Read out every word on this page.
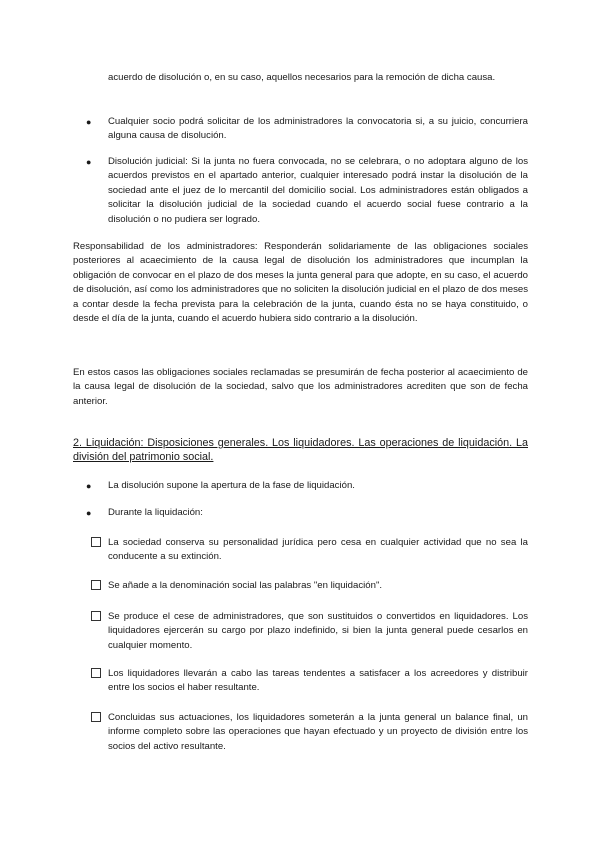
acuerdo de disolución o, en su caso, aquellos necesarios para la remoción de dicha causa.
●	Cualquier socio podrá solicitar de los administradores la convocatoria si, a su juicio, concurriera alguna causa de disolución.
●	Disolución judicial: Si la junta no fuera convocada, no se celebrara, o no adoptara alguno de los acuerdos previstos en el apartado anterior, cualquier interesado podrá instar la disolución de la sociedad ante el juez de lo mercantil del domicilio social. Los administradores están obligados a solicitar la disolución judicial de la sociedad cuando el acuerdo social fuese contrario a la disolución o no pudiera ser logrado.
Responsabilidad de los administradores: Responderán solidariamente de las obligaciones sociales posteriores al acaecimiento de la causa legal de disolución los administradores que incumplan la obligación de convocar en el plazo de dos meses la junta general para que adopte, en su caso, el acuerdo de disolución, así como los administradores que no soliciten la disolución judicial en el plazo de dos meses a contar desde la fecha prevista para la celebración de la junta, cuando ésta no se haya constituido, o desde el día de la junta, cuando el acuerdo hubiera sido contrario a la disolución.
En estos casos las obligaciones sociales reclamadas se presumirán de fecha posterior al acaecimiento de la causa legal de disolución de la sociedad, salvo que los administradores acrediten que son de fecha anterior.
2. Liquidación: Disposiciones generales. Los liquidadores. Las operaciones de liquidación. La división del patrimonio social.
●	La disolución supone la apertura de la fase de liquidación.
●	Durante la liquidación:
La sociedad conserva su personalidad jurídica pero cesa en cualquier actividad que no sea la conducente a su extinción.
Se añade a la denominación social las palabras "en liquidación".
Se produce el cese de administradores, que son sustituidos o convertidos en liquidadores. Los liquidadores ejercerán su cargo por plazo indefinido, si bien la junta general puede cesarlos en cualquier momento.
Los liquidadores llevarán a cabo las tareas tendentes a satisfacer a los acreedores y distribuir entre los socios el haber resultante.
Concluidas sus actuaciones, los liquidadores someterán a la junta general un balance final, un informe completo sobre las operaciones que hayan efectuado y un proyecto de división entre los socios del activo resultante.
